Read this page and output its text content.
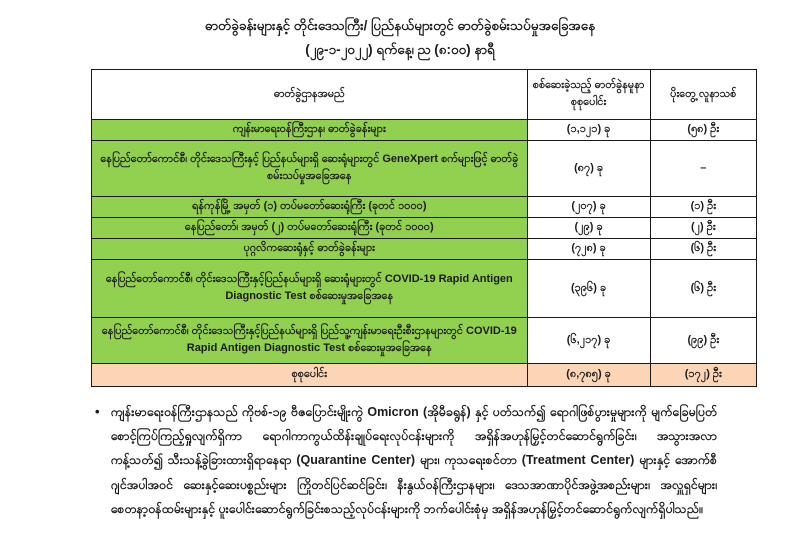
ဓာတ်ခွဲခန်းများနှင့် တိုင်းဒေသကြီး/ ပြည်နယ်များတွင် ဓာတ်ခွဲစမ်းသပ်မှုအခြေအနေ
(၂၉-၁-၂၀၂၂) ရက်နေ့၊ ည (၈:၀၀) နာရီ
ဓာတ်ခွဲဌာနအမည်	စစ်ဆေးခဲ့သည့် ဓာတ်ခွဲနမူနာ စုစုပေါင်း	ပိုးတွေ့ လူနာသစ်
ကျန်းမာရေးဝန်ကြီးဌာန၊ ဓာတ်ခွဲခန်းများ	(၁,၁၂၁) ခု	(၅၈) ဦး
နေပြည်တော်ကောင်စီ၊ တိုင်းဒေသကြီးနှင့် ပြည်နယ်များရှိ ဆေးရုံများတွင် GeneXpert စက်များဖြင့် ဓာတ်ခွဲစမ်းသပ်မှုအခြေအနေ	(၈၇) ခု	–
ရန်ကုန်မြို့ အမှတ် (၁) တပ်မတော်ဆေးရုံကြီး (ခုတင် ၁၀၀၀)	(၂၀၇) ခု	(၁) ဦး
နေပြည်တော်၊ အမှတ် (၂) တပ်မတော်ဆေးရုံကြီး (ခုတင် ၁၀၀၀)	(၂၉) ခု	(၂) ဦး
ပုဂ္ဂလိကဆေးရုံနှင့် ဓာတ်ခွဲခန်းများ	(၇၂၈) ခု	(၆) ဦး
နေပြည်တော်ကောင်စီ၊ တိုင်းဒေသကြီးနှင့်ပြည်နယ်များရှိ ဆေးရုံများတွင် COVID-19 Rapid Antigen Diagnostic Test စစ်ဆေးမှုအခြေအနေ	(၃၉၆) ခု	(၆) ဦး
နေပြည်တော်ကောင်စီ၊ တိုင်းဒေသကြီးနှင့်ပြည်နယ်များရှိ ပြည်သူ့ကျန်းမာရေးဦးစီးဌာနများတွင် COVID-19 Rapid Antigen Diagnostic Test စစ်ဆေးမှုအခြေအနေ	(၆,၂၁၇) ခု	(၉၉) ဦး
စုစုပေါင်း	(၈,၇၈၅) ခု	(၁၇၂) ဦး
• ကျန်းမာရေးဝန်ကြီးဌာနသည် ကိုဗစ်-၁၉ ဗီဇပြောင်းမျိုးကွဲ Omicron (အိုမီခရွန်) နှင့် ပတ်သက်၍ ရောဂါဖြစ်ပွားမှုများကို မျက်ခြေမပြတ် စောင့်ကြပ်ကြည့်ရှုလျက်ရှိကာ ရောဂါကာကွယ်ထိန်းချုပ်ရေးလုပ်ငန်းများကို အရှိန်အဟုန်မြှင့်တင်ဆောင်ရွက်ခြင်း၊ အသွားအလာကန့်သတ်၍ သီးသန့်ခွဲခြားထားရှိရာနေရာ (Quarantine Center) များ၊ ကုသရေးစင်တာ (Treatment Center) များနှင့် အောက်စီဂျင်အပါအဝင် ဆေးနှင့်ဆေးပစ္စည်းများ ကြိုတင်ပြင်ဆင်ခြင်း၊ နီးနွယ်ဝန်ကြီးဌာနများ၊ ဒေသအာဏာပိုင်အဖွဲ့အစည်းများ၊ အလှူရှင်များ၊ စေတနာ့ဝန်ထမ်းများနှင့် ပူးပေါင်းဆောင်ရွက်ခြင်းစသည့်လုပ်ငန်းများကို ဘက်ပေါင်းစုံမှ အရှိန်အဟုန်မြှင့်တင်ဆောင်ရွက်လျက်ရှိပါသည်။
